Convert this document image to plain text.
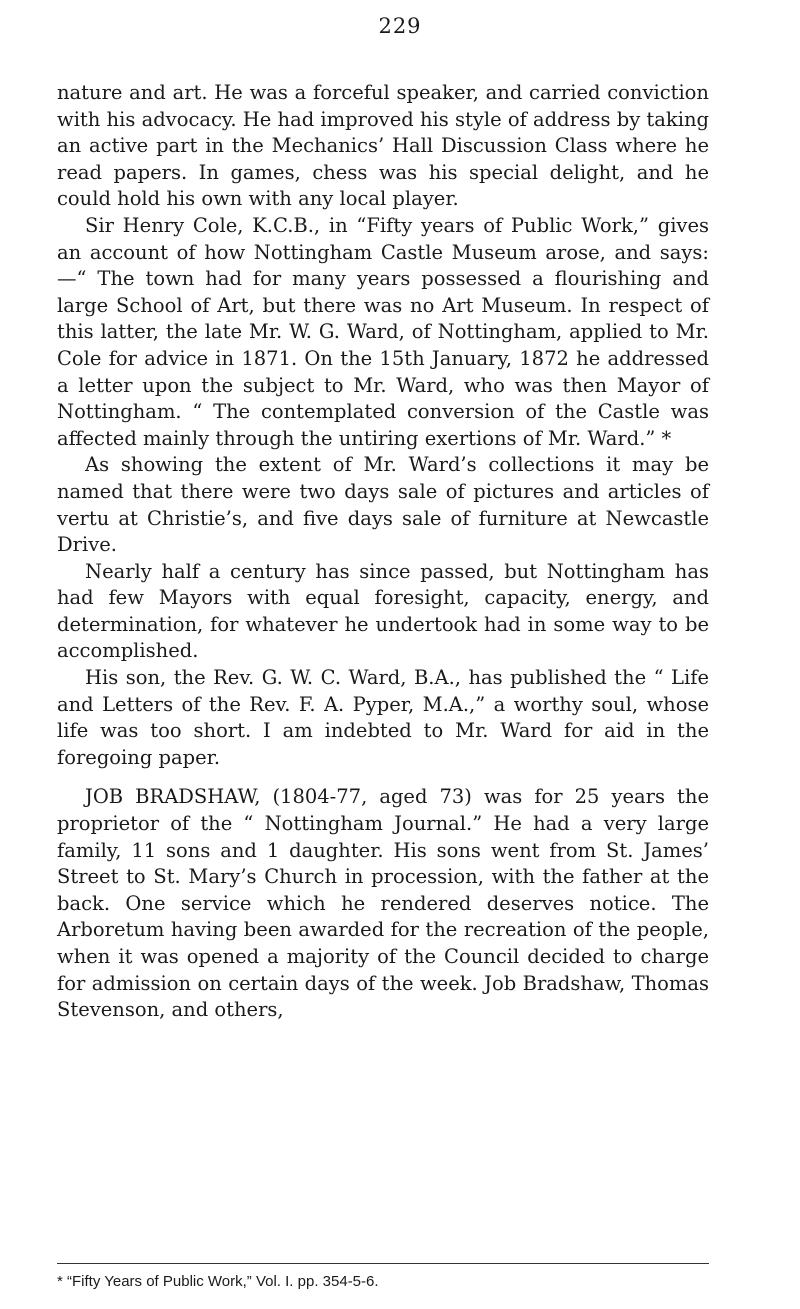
229

nature and art. He was a forceful speaker, and carried conviction with his advocacy. He had improved his style of address by taking an active part in the Mechanics’ Hall Discussion Class where he read papers. In games, chess was his special delight, and he could hold his own with any local player.

Sir Henry Cole, K.C.B., in “Fifty years of Public Work,” gives an account of how Nottingham Castle Museum arose, and says:—“ The town had for many years possessed a flourishing and large School of Art, but there was no Art Museum. In respect of this latter, the late Mr. W. G. Ward, of Nottingham, applied to Mr. Cole for advice in 1871. On the 15th January, 1872 he addressed a letter upon the subject to Mr. Ward, who was then Mayor of Nottingham. “ The contemplated conversion of the Castle was affected mainly through the untiring exertions of Mr. Ward.” *

As showing the extent of Mr. Ward’s collections it may be named that there were two days sale of pictures and articles of vertu at Christie’s, and five days sale of furniture at Newcastle Drive.

Nearly half a century has since passed, but Nottingham has had few Mayors with equal foresight, capacity, energy, and determination, for whatever he undertook had in some way to be accomplished.

His son, the Rev. G. W. C. Ward, B.A., has published the “ Life and Letters of the Rev. F. A. Pyper, M.A.,” a worthy soul, whose life was too short. I am indebted to Mr. Ward for aid in the foregoing paper.

JOB BRADSHAW, (1804-77, aged 73) was for 25 years the proprietor of the “ Nottingham Journal.” He had a very large family, 11 sons and 1 daughter. His sons went from St. James’ Street to St. Mary’s Church in procession, with the father at the back. One service which he rendered deserves notice. The Arboretum having been awarded for the recreation of the people, when it was opened a majority of the Council decided to charge for admission on certain days of the week. Job Bradshaw, Thomas Stevenson, and others,

* “Fifty Years of Public Work,” Vol. I. pp. 354-5-6.
